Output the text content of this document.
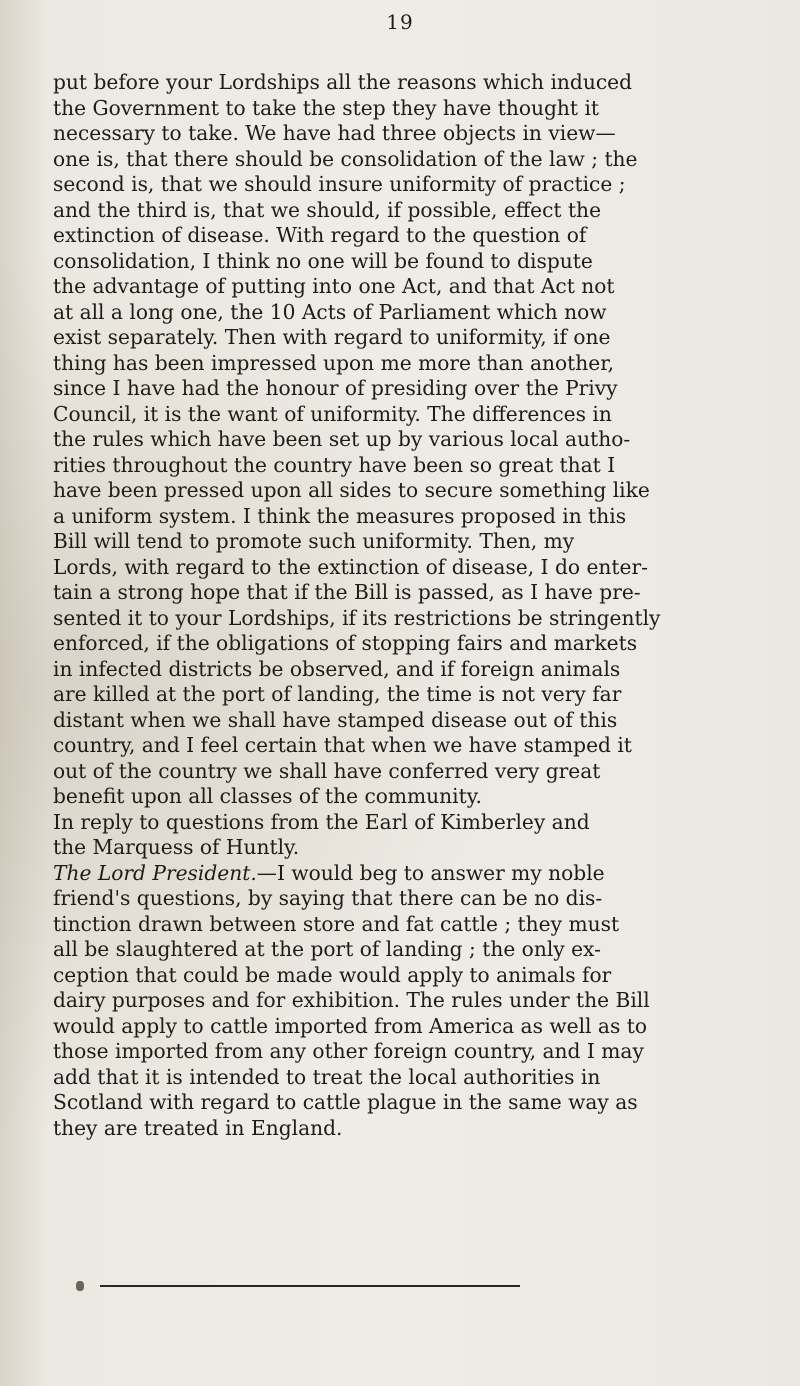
19

put before your Lordships all the reasons which induced
the Government to take the step they have thought it
necessary to take. We have had three objects in view—
one is, that there should be consolidation of the law ; the
second is, that we should insure uniformity of practice ;
and the third is, that we should, if possible, effect the
extinction of disease. With regard to the question of
consolidation, I think no one will be found to dispute
the advantage of putting into one Act, and that Act not
at all a long one, the 10 Acts of Parliament which now
exist separately. Then with regard to uniformity, if one
thing has been impressed upon me more than another,
since I have had the honour of presiding over the Privy
Council, it is the want of uniformity. The differences in
the rules which have been set up by various local autho-
rities throughout the country have been so great that I
have been pressed upon all sides to secure something like
a uniform system. I think the measures proposed in this
Bill will tend to promote such uniformity. Then, my
Lords, with regard to the extinction of disease, I do enter-
tain a strong hope that if the Bill is passed, as I have pre-
sented it to your Lordships, if its restrictions be stringently
enforced, if the obligations of stopping fairs and markets
in infected districts be observed, and if foreign animals
are killed at the port of landing, the time is not very far
distant when we shall have stamped disease out of this
country, and I feel certain that when we have stamped it
out of the country we shall have conferred very great
benefit upon all classes of the community.

In reply to questions from the Earl of Kimberley and
the Marquess of Huntly.

The Lord President.—I would beg to answer my noble
friend's questions, by saying that there can be no dis-
tinction drawn between store and fat cattle ; they must
all be slaughtered at the port of landing ; the only ex-
ception that could be made would apply to animals for
dairy purposes and for exhibition. The rules under the Bill
would apply to cattle imported from America as well as to
those imported from any other foreign country, and I may
add that it is intended to treat the local authorities in
Scotland with regard to cattle plague in the same way as
they are treated in England.
